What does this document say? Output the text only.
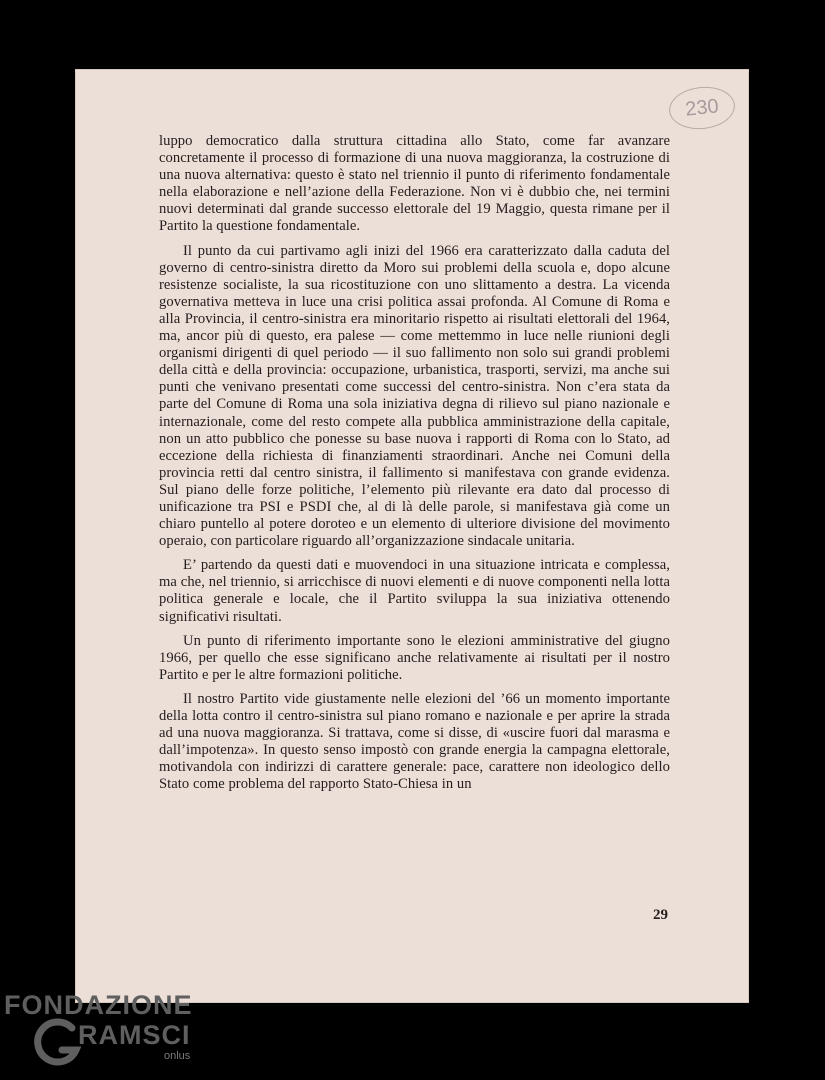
230

luppo democratico dalla struttura cittadina allo Stato, come far avanzare concretamente il processo di formazione di una nuova maggioranza, la costruzione di una nuova alternativa: questo è stato nel triennio il punto di riferimento fondamentale nella elaborazione e nell’azione della Federazione. Non vi è dubbio che, nei termini nuovi determinati dal grande successo elettorale del 19 Maggio, questa rimane per il Partito la questione fondamentale.

Il punto da cui partivamo agli inizi del 1966 era caratterizzato dalla caduta del governo di centro-sinistra diretto da Moro sui problemi della scuola e, dopo alcune resistenze socialiste, la sua ricostituzione con uno slittamento a destra. La vicenda governativa metteva in luce una crisi politica assai profonda. Al Comune di Roma e alla Provincia, il centro-sinistra era minoritario rispetto ai risultati elettorali del 1964, ma, ancor più di questo, era palese — come mettemmo in luce nelle riunioni degli organismi dirigenti di quel periodo — il suo fallimento non solo sui grandi problemi della città e della provincia: occupazione, urbanistica, trasporti, servizi, ma anche sui punti che venivano presentati come successi del centro-sinistra. Non c’era stata da parte del Comune di Roma una sola iniziativa degna di rilievo sul piano nazionale e internazionale, come del resto compete alla pubblica amministrazione della capitale, non un atto pubblico che ponesse su base nuova i rapporti di Roma con lo Stato, ad eccezione della richiesta di finanziamenti straordinari. Anche nei Comuni della provincia retti dal centro sinistra, il fallimento si manifestava con grande evidenza. Sul piano delle forze politiche, l’elemento più rilevante era dato dal processo di unificazione tra PSI e PSDI che, al di là delle parole, si manifestava già come un chiaro puntello al potere doroteo e un elemento di ulteriore divisione del movimento operaio, con particolare riguardo all’organizzazione sindacale unitaria.

E’ partendo da questi dati e muovendoci in una situazione intricata e complessa, ma che, nel triennio, si arricchisce di nuovi elementi e di nuove componenti nella lotta politica generale e locale, che il Partito sviluppa la sua iniziativa ottenendo significativi risultati.

Un punto di riferimento importante sono le elezioni amministrative del giugno 1966, per quello che esse significano anche relativamente ai risultati per il nostro Partito e per le altre formazioni politiche.

Il nostro Partito vide giustamente nelle elezioni del ’66 un momento importante della lotta contro il centro-sinistra sul piano romano e nazionale e per aprire la strada ad una nuova maggioranza. Si trattava, come si disse, di «uscire fuori dal marasma e dall’impotenza». In questo senso impostò con grande energia la campagna elettorale, motivandola con indirizzi di carattere generale: pace, carattere non ideologico dello Stato come problema del rapporto Stato-Chiesa in un

29
FONDAZIONE
RAMSCI
onlus
